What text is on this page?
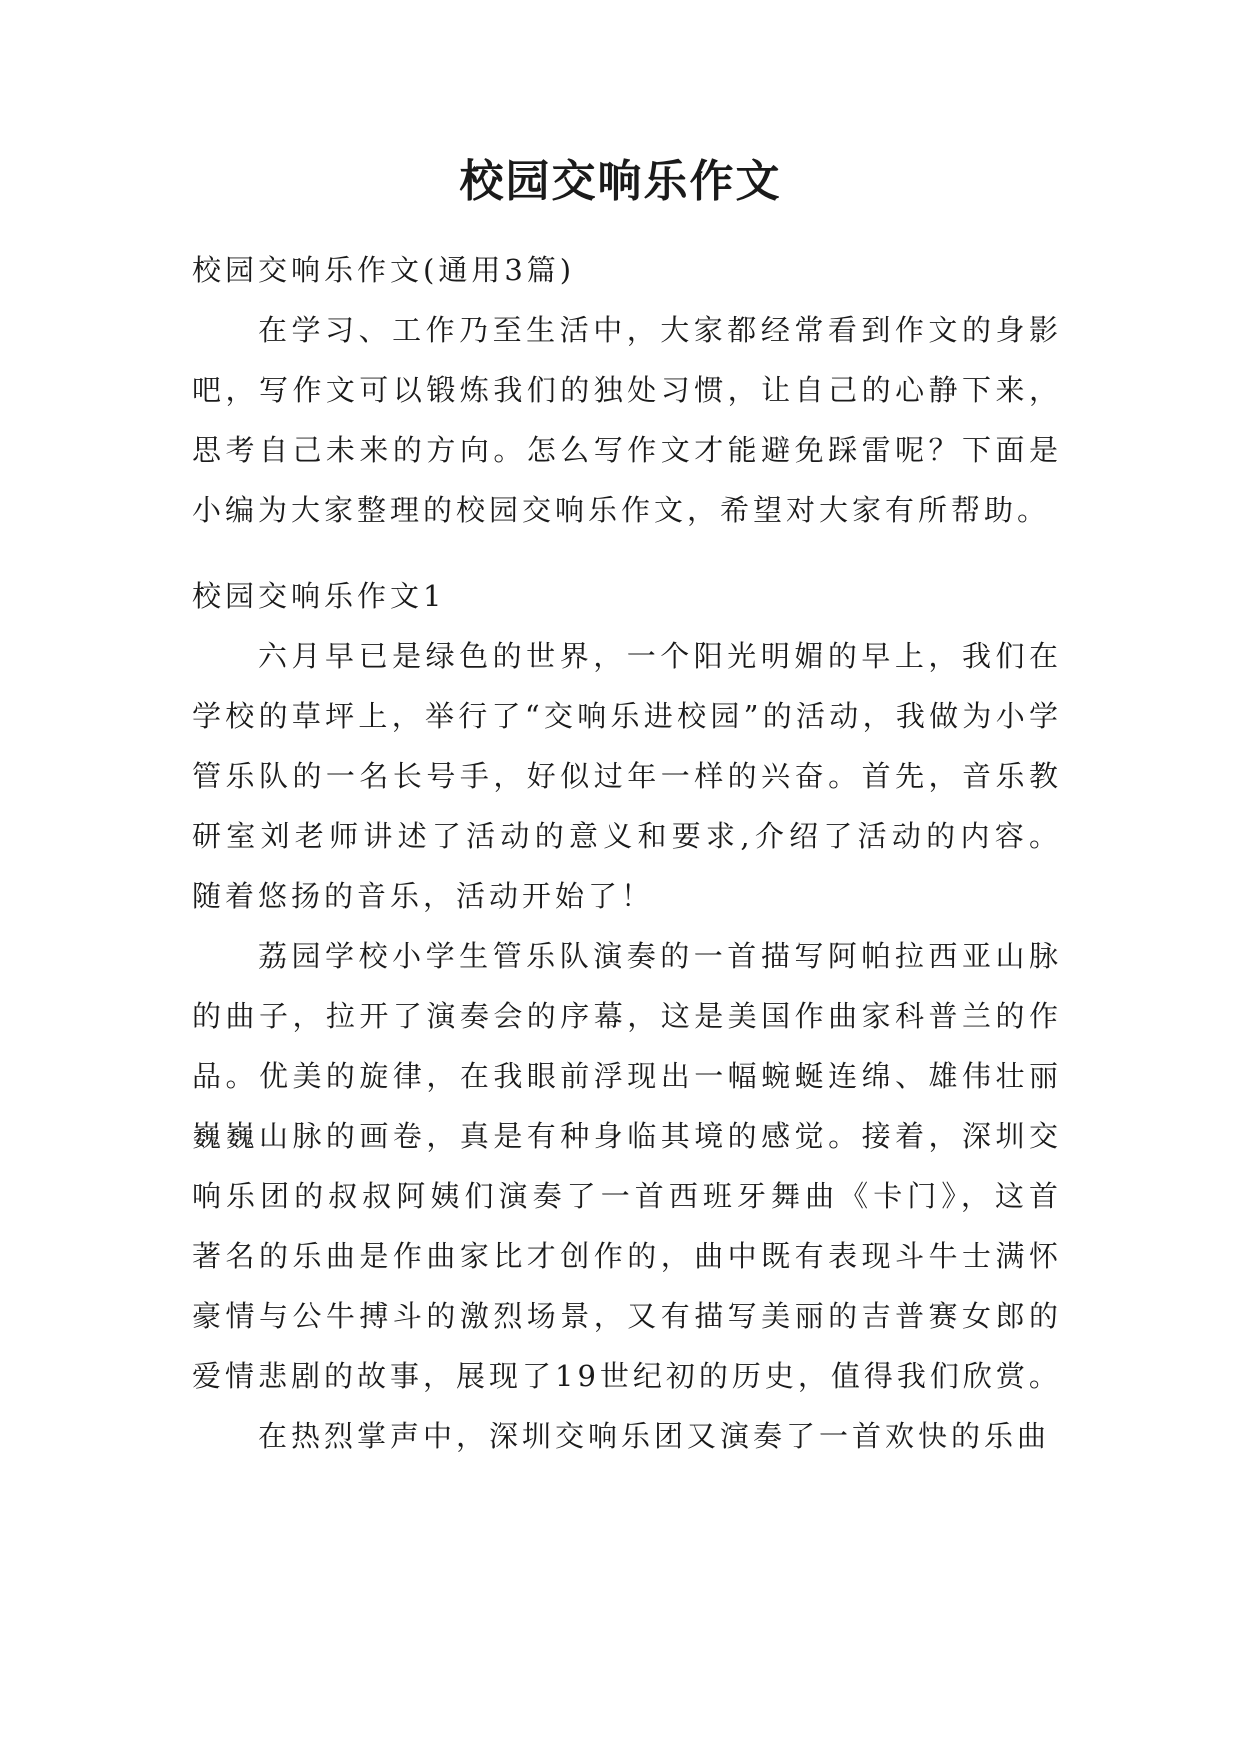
校园交响乐作文

校园交响乐作文(通用3篇)

在学习、工作乃至生活中，大家都经常看到作文的身影吧，写作文可以锻炼我们的独处习惯，让自己的心静下来，思考自己未来的方向。怎么写作文才能避免踩雷呢？下面是小编为大家整理的校园交响乐作文，希望对大家有所帮助。

校园交响乐作文1

六月早已是绿色的世界，一个阳光明媚的早上，我们在学校的草坪上，举行了“交响乐进校园”的活动，我做为小学管乐队的一名长号手，好似过年一样的兴奋。首先，音乐教研室刘老师讲述了活动的意义和要求,介绍了活动的内容。随着悠扬的音乐，活动开始了！

荔园学校小学生管乐队演奏的一首描写阿帕拉西亚山脉的曲子，拉开了演奏会的序幕，这是美国作曲家科普兰的作品。优美的旋律，在我眼前浮现出一幅蜿蜒连绵、雄伟壮丽巍巍山脉的画卷，真是有种身临其境的感觉。接着，深圳交响乐团的叔叔阿姨们演奏了一首西班牙舞曲《卡门》，这首著名的乐曲是作曲家比才创作的，曲中既有表现斗牛士满怀豪情与公牛搏斗的激烈场景，又有描写美丽的吉普赛女郎的爱情悲剧的故事，展现了19世纪初的历史，值得我们欣赏。

在热烈掌声中，深圳交响乐团又演奏了一首欢快的乐曲
